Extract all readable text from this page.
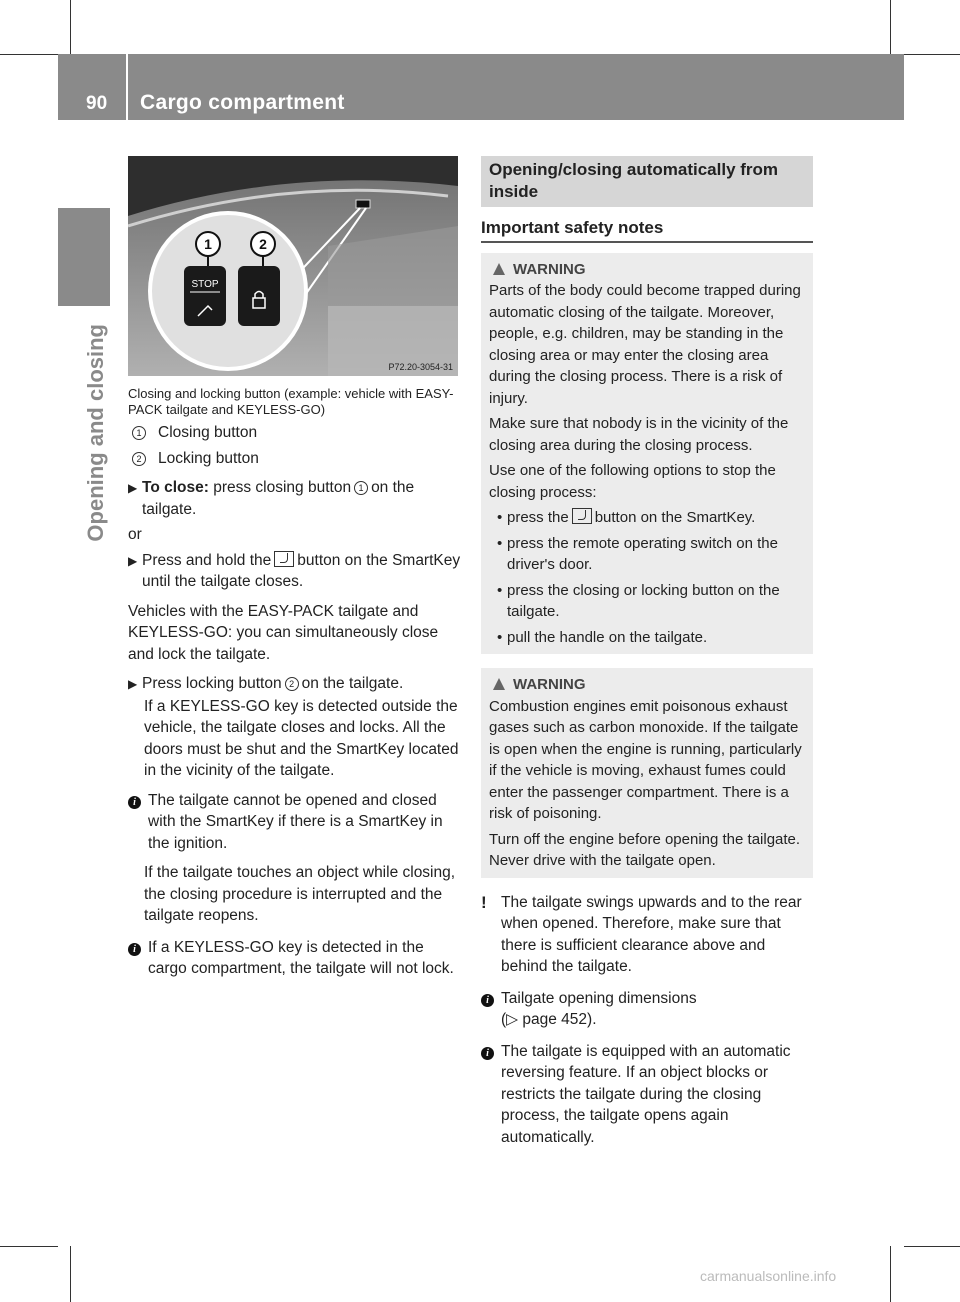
90 Cargo compartment
Opening and closing
STOP
1	2
P72.20-3054-31

Closing and locking button (example: vehicle with EASY-PACK tailgate and KEYLESS-GO)

1 Closing button
2 Locking button
▶ To close: press closing button 1 on the tailgate.

or

▶ Press and hold the button on the SmartKey until the tailgate closes.

Vehicles with the EASY-PACK tailgate and KEYLESS-GO: you can simultaneously close and lock the tailgate.

▶ Press locking button 2 on the tailgate.

If a KEYLESS-GO key is detected outside the vehicle, the tailgate closes and locks. All the doors must be shut and the SmartKey located in the vicinity of the tailgate.

i The tailgate cannot be opened and closed with the SmartKey if there is a SmartKey in the ignition.

If the tailgate touches an object while closing, the closing procedure is interrupted and the tailgate reopens.

i If a KEYLESS-GO key is detected in the cargo compartment, the tailgate will not lock.
Opening/closing automatically from inside

Important safety notes

WARNING

Parts of the body could become trapped during automatic closing of the tailgate. Moreover, people, e.g. children, may be standing in the closing area or may enter the closing area during the closing process. There is a risk of injury.

Make sure that nobody is in the vicinity of the closing area during the closing process.

Use one of the following options to stop the closing process:

• press the button on the SmartKey.
• press the remote operating switch on the driver's door.
• press the closing or locking button on the tailgate.
• pull the handle on the tailgate.
WARNING

Combustion engines emit poisonous exhaust gases such as carbon monoxide. If the tailgate is open when the engine is running, particularly if the vehicle is moving, exhaust fumes could enter the passenger compartment. There is a risk of poisoning.

Turn off the engine before opening the tailgate. Never drive with the tailgate open.

! The tailgate swings upwards and to the rear when opened. Therefore, make sure that there is sufficient clearance above and behind the tailgate.
i Tailgate opening dimensions
(▷ page 452).
i The tailgate is equipped with an automatic reversing feature. If an object blocks or restricts the tailgate during the closing process, the tailgate opens again automatically.
carmanualsonline.info
